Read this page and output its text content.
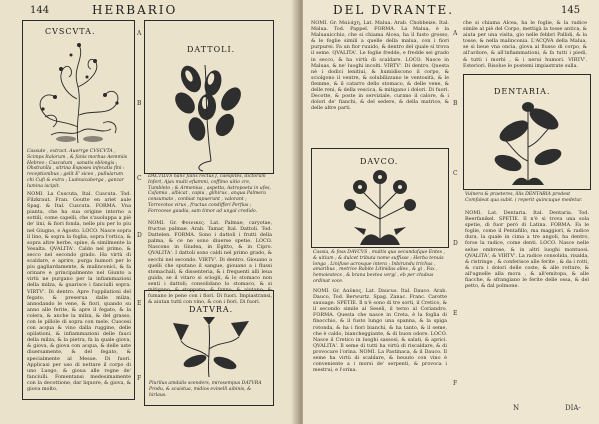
144	HERBARIO
CVSCVTA.
Cassute , extract. Auerrge CVSCVTA , Scimps Italorum , & fanis morbus Aemmiis Hebreo ; Cuscutum , sanatis oblongis ; Ohstranlla , sitrina Esposes infecatis fini : receptionibus ; gelit E' siceo , pullularum chi Cufi & extra ; Ludouicaberga , ganzar lumina iscipit.
NOMI. La Cuscuta, Ital. Cuscuta. Tod. Filzkraut. Fran. Goutte en ariet aule Spag. & Ital. Cuscuta. FORMA. Vna pianta, che ha sua origine intorno a sottili, come capelli, che s'auoluppa a piè de' lini, & fiori fonda, nelle piu per lo piu nel Giugno, e Agosto. LOCO. Nasce sopra il lino, & sopra la foglia, sopra l'ortica, & sopra altre herbe, spine, & similmente la Vesalta. QVALITA'. Caldo nel primo, & secco nel secondo grado. Ha virtù di scaldare, e aprire, purga humori per lo piu gagliardamente, & malinconici, & fa orinare e principalmente nel Giunto a virtù ne purgano per la infiammazioni della milza, & guarisce i fanciulli sopra. VIRTV'. Di dentro. Apre l'oppilationi del fegato, & preserua dalle milza, annodando le vene, & fiori, quando su anno alle ferite, & apre il fegato, & la colera, & anche la milza, & del grasso, con le pillole di sopra con mele. Cuocesi con acqua & vino dalla ruggine, delle opilationi, & infiammazioni delle fauci della milza, & la pietra, fa la quale giova, & giova, & giova con acqua, & delle uste diuersamente, & del fegato, & specialmente al Mesue. Di fuori. Applicasi per uso di nettare il corpo di uno Luogo, & gioua alle rogne de' fanciulli. Fomentansi medesimamente con la decottione, dar liquore, & giova, & giova molto.
DATTOLI.
DACTILVS hanc fallis rectus ſ, caespites, dictorum Infert, Ajax multi eflammi, coffimo uitio cre, Tumbleto ; & Armenius , aspetta, Astropoeta in ufes, Cafamia , albicat , capiu , glihirus , anqua Palmera consumato , conbiat rapuerunt , valorant ; Torrecotos virus , fructus condifferi Perfius ; Forrocese gaudia, sam timor ad ungal credido.
NOMI. Gr. Φοινικες. Lat. Palmae, caryotae, fructus palmae. Arab. Tamar, Ital. Dattoli. Tod. Dattelen. FORMA. Sono i dattoli i frutti della palma, & ce ne sono diuerse spetie. LOCO. Nascono in Giudea, in Egitto, & in Cipro. QVALITA'. I dattoli sono caldi nel primo grado, & secchi nel secondo. VIRTV'. Di dentro. Giouano a quelli che sputano il sangue, giouano a i flussi stomachali, & dissenteria, & i frequenti alli leua guida, se il vitaro si sciogli, & lo stomaco non senti i dattoli; consolidano lo stomaco, & si mitigano, & stoppano, & fanno, & aiutano, & fumano le pene con i fiori. Di fuori. Impiastransi, & aiutan tutti con vino, & con i fiori. Di fuori.
DATVRA.
Plurilus amdalis scenders, mirosempus DATVRA Produ, & scuistua, midios evinelli aibinis, & hirlaus.
A
B
C
D
E
F
DEL DVRANTE.	145
NOMI. Gr. Μαλάχη, Lat. Malua. Arab. Chobbeize. Ital. Malua. Tod. Pappel. FORMA. La Malua, è la Maluauicchio, che si chiama Alcea, ha il fusto grosso, & le foglie simili a quelle della malua, con i fiori purpurei. Fa un fior ruuido, & dentro del quale si trova il seme. QVALITA'. Le foglie fredde, e fredde sei grado in secco, & ha virtù di scaldare. LOCO. Nasce in Maluas, & ne' luoghi incolti. VIRTV'. Di dentro. Questa nè i dodici lenitiui, & humidiscono il corpo, & sciolgono il ventre, & solubilizzano le ventosità, & le flemme, & il catarro dello stomaco, & delle vene, & delle reni, & della vescica, & mitigano i dolori. Di fuori. Decotte, & poste in serviziale, curano il calore, & i dolori de' fianchi, & del sedere, & della matrice, & delle altre parti.
che si chiama Alcea, ha le foglie, & la radice simile al piè del Corpo, mettigà la tosse antica, & aiuta per una visita, gio nelle febbri Pallidi, & la tosse, & nella malinconia. L'ACQVA della Malua, se si beue vna oncia, giova al flusso di corpo, & all'ardore, & all'infiammationi, & fa tutti i piedi, & tutti i morbi , & i nerui humori. VIRTV'. Esteriori. Risolue le postemi impiastrate sulla.
DAVCO.
Cassia, & foss DAVCVS , multis qua secundafque Entes , & uitium ; & dulcet tributa nome suffisse ; Herba tenuis longa , Linifuse acrosque intera ; Inbirundu trichus , amaribus , metrice Rabite Litinidas alles , & gi , Fax , hemoiestecs , & brana bevtea vergi , eb per chubus ordinat voce.
NOMI. Gr. Δαῦκος, Lat. Daucus. Ital. Dauco. Arab. Dauco, Tod. Berwurtz. Spag. Zanac. Franc. Carotte sauuage. SPETIE. Il n'è sono di tre sorti, il Cretico, & il secondo simile al Seseli, il terzo al Coriandro. FORMA. Questa che nasce in Creta, è la foglia di finocchio, & il fusto lungo una spanna, & la spiga rotonda, & ha i fiori bianchi, & ha tanto, & il seme, che è caldo, biancheggiante, & di buon odore. LOCO. Nasce il Cretico in luoghi sassosi, & salati, & aprici. QVALITA'. Il seme di tutti ha virtù di riscaldare, & di provocare l'orina. NOMI. La Pastinaca, & il Dauco. Il seme ha virtù di scaldare, & beuuto con vino è conveniente a i morsi de' serpenti, & provoca i mestrui, e l'orina.
DENTARIA.
Vulnera & praeteres, illis DENTARIA prodest Comfaleat qua subit. ( reperit quincuque medetur.
NOMI. Lat. Dentaria. Ital. Dentaria. Tod. Beerfanikel. SPETIE. Il n'è si trova una sola spetie, di fuor però di Latina. FORMA. Fa le foglie, come il Pentafillo, ma maggiori, & radice dura, la quale in cima a tre angoli, ha dentro, forse la radice, come denti. LOCO. Nasce nelle selue ombrose, & in altri luoghi montuosi. QVALITA', & VIRTV'. La radice consolida, risalda, & ristringe , & conferisce alle ferite , & da i rotti, & cura i dolori delle coste, & alle rotture, & all'ugnelle alla mora , & all'emitopa, & alle fiacche, & sfrangiano le ferite delle ossa, & del petto, & dal polmone.
A
B
C
D
E
F
N	DIA-
